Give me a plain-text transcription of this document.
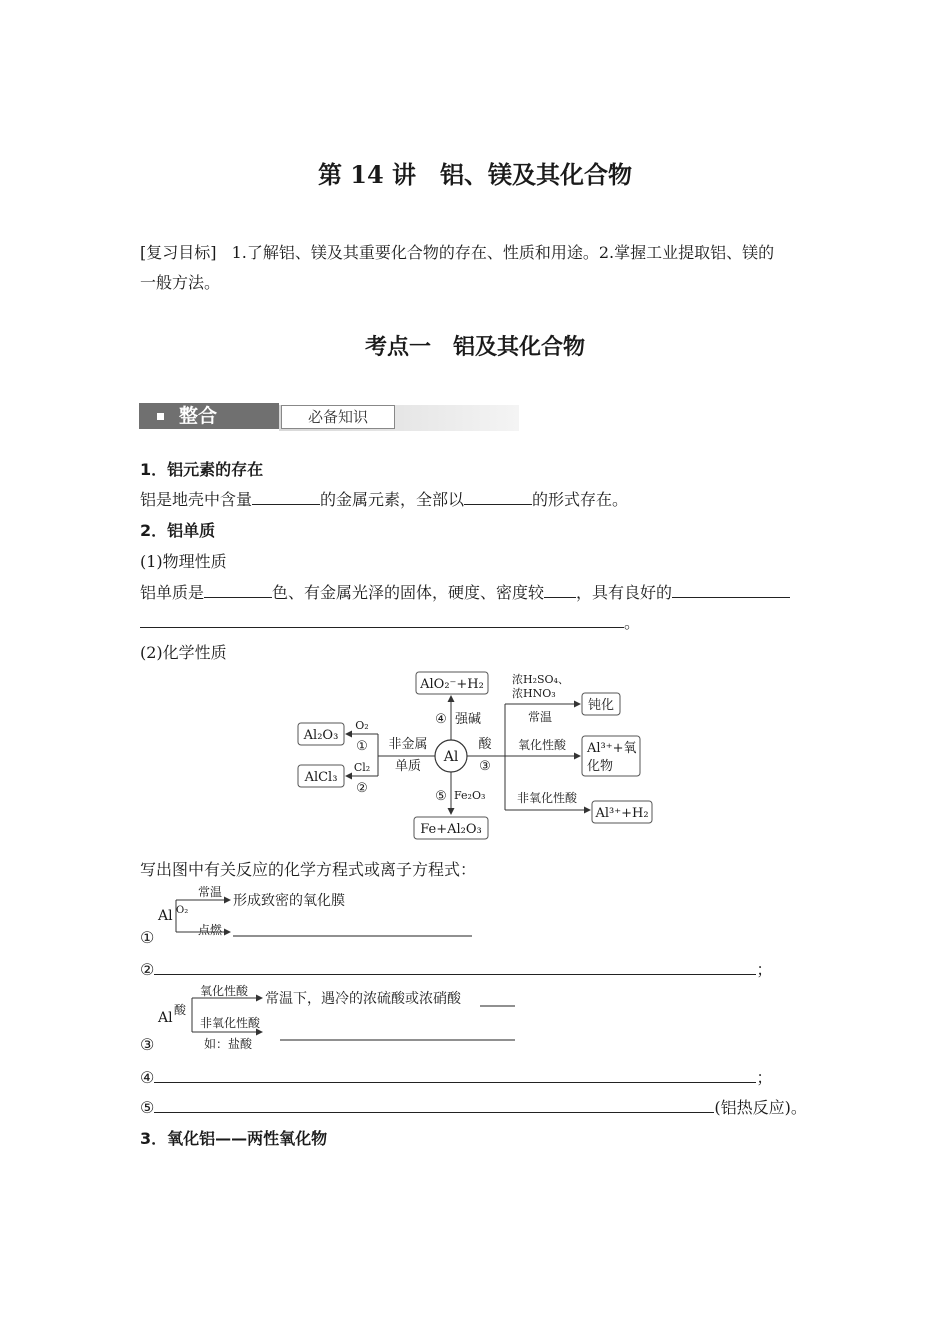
第 14 讲　铝、镁及其化合物
[复习目标] 1.了解铝、镁及其重要化合物的存在、性质和用途。2.掌握工业提取铝、镁的
一般方法。
考点一　铝及其化合物
整合	必备知识
1．铝元素的存在
铝是地壳中含量	的金属元素，全部以	的形式存在。
2．铝单质
(1)物理性质
铝单质是	色、有金属光泽的固体，硬度、密度较 ，具有良好的
。
(2)化学性质
Al
AlO₂⁻+H₂
④ 强碱
Al₂O₃
AlCl₃
O₂
①
Cl₂
②
非金属
单质
Fe+Al₂O₃
⑤ Fe₂O₃
酸
③
浓H₂SO₄、
浓HNO₃
常温
钝化
氧化性酸 Al³⁺+氧
化物
非氧化性酸
Al³⁺+H₂
写出图中有关反应的化学方程式或离子方程式：
Al O₂
常温
点燃
形成致密的氧化膜
①
②	；
Al 酸
氧化性酸
非氧化性酸
如：盐酸
常温下，遇冷的浓硫酸或浓硝酸
③
④	；
⑤	(铝热反应)。
3．氧化铝——两性氧化物
